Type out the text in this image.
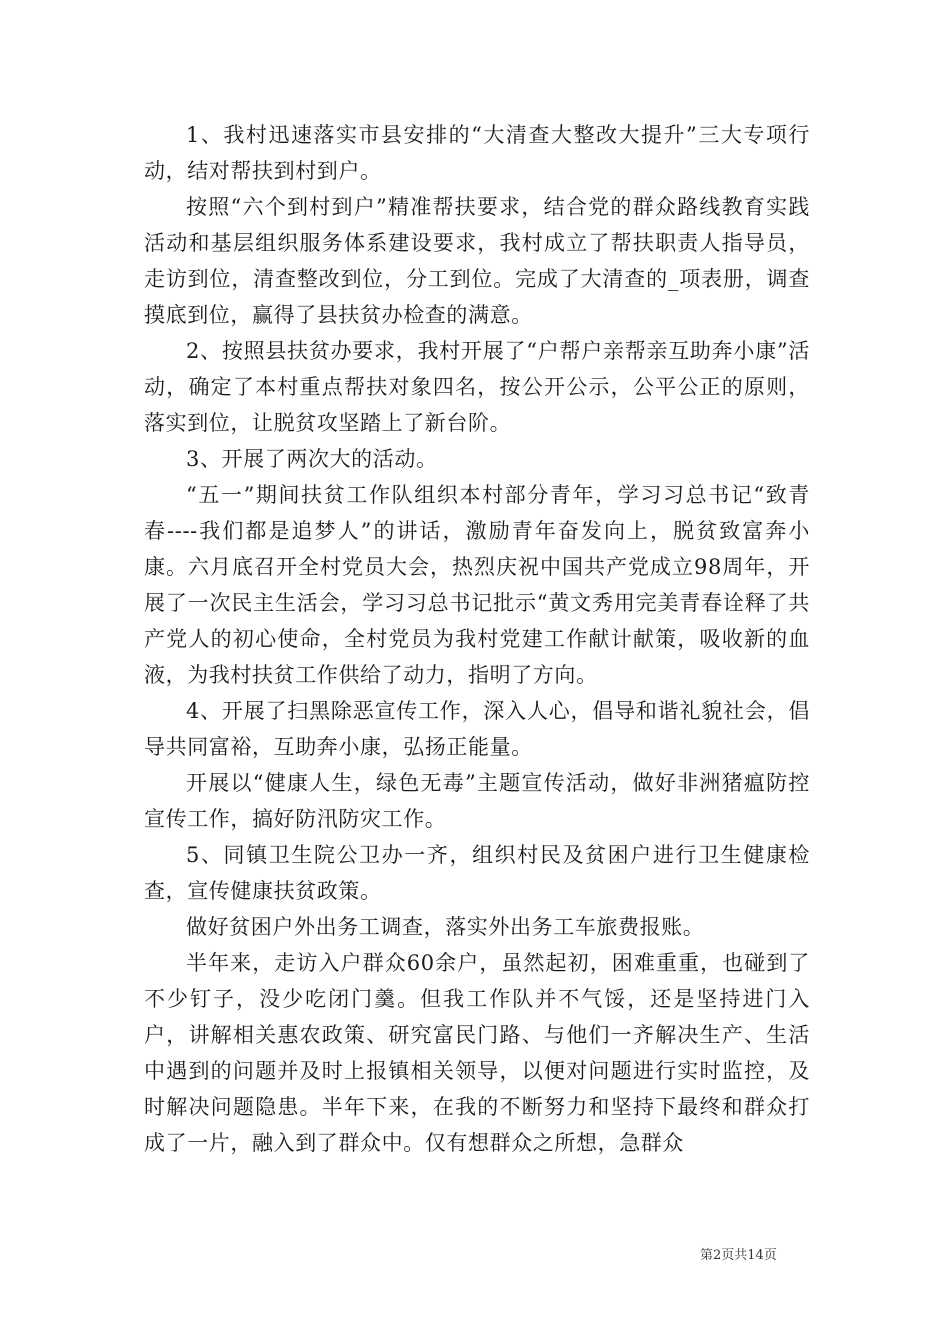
1、我村迅速落实市县安排的“大清查大整改大提升”三大专项行动，结对帮扶到村到户。

按照“六个到村到户”精准帮扶要求，结合党的群众路线教育实践活动和基层组织服务体系建设要求，我村成立了帮扶职责人指导员，走访到位，清查整改到位，分工到位。完成了大清查的_项表册，调查摸底到位，赢得了县扶贫办检查的满意。

2、按照县扶贫办要求，我村开展了“户帮户亲帮亲互助奔小康”活动，确定了本村重点帮扶对象四名，按公开公示，公平公正的原则，落实到位，让脱贫攻坚踏上了新台阶。

3、开展了两次大的活动。

“五一”期间扶贫工作队组织本村部分青年，学习习总书记“致青春----我们都是追梦人”的讲话，激励青年奋发向上，脱贫致富奔小康。六月底召开全村党员大会，热烈庆祝中国共产党成立98周年，开展了一次民主生活会，学习习总书记批示“黄文秀用完美青春诠释了共产党人的初心使命，全村党员为我村党建工作献计献策，吸收新的血液，为我村扶贫工作供给了动力，指明了方向。

4、开展了扫黑除恶宣传工作，深入人心，倡导和谐礼貌社会，倡导共同富裕，互助奔小康，弘扬正能量。

开展以“健康人生，绿色无毒”主题宣传活动，做好非洲猪瘟防控宣传工作，搞好防汛防灾工作。

5、同镇卫生院公卫办一齐，组织村民及贫困户进行卫生健康检查，宣传健康扶贫政策。

做好贫困户外出务工调查，落实外出务工车旅费报账。

半年来，走访入户群众60余户，虽然起初，困难重重，也碰到了不少钉子，没少吃闭门羹。但我工作队并不气馁，还是坚持进门入户，讲解相关惠农政策、研究富民门路、与他们一齐解决生产、生活中遇到的问题并及时上报镇相关领导，以便对问题进行实时监控，及时解决问题隐患。半年下来，在我的不断努力和坚持下最终和群众打成了一片，融入到了群众中。仅有想群众之所想，急群众

第2页共14页
